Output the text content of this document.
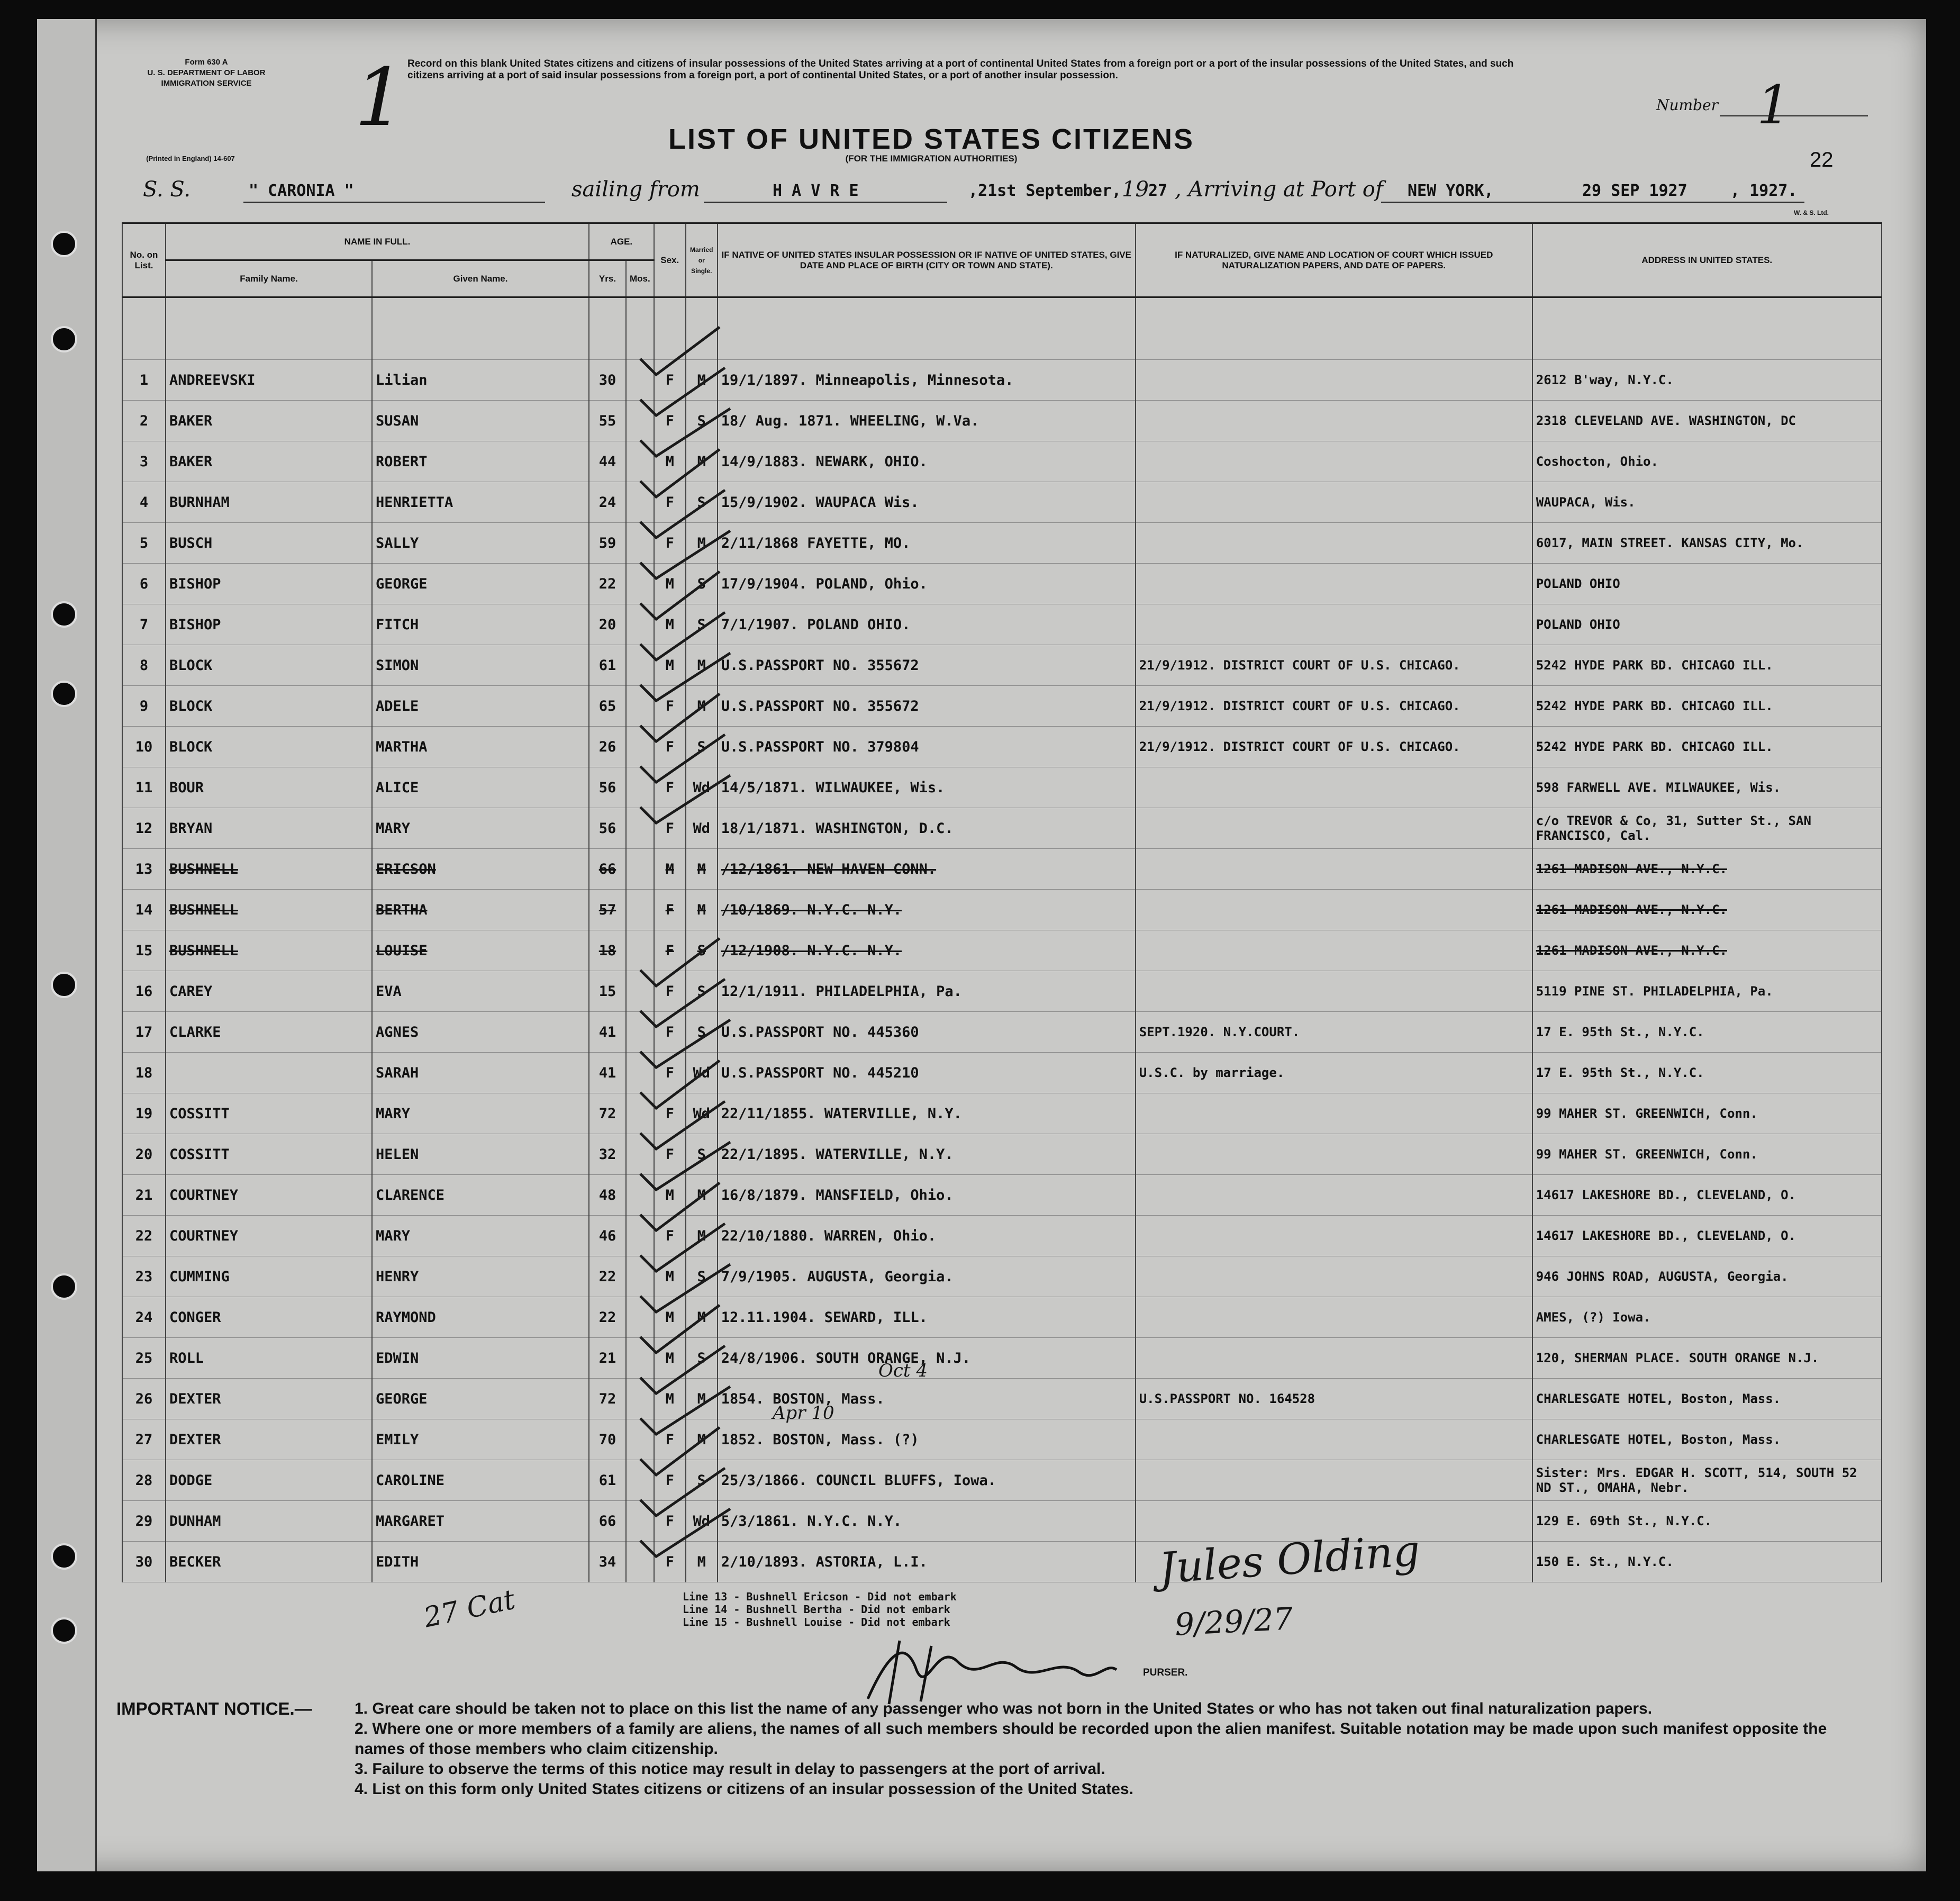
Form 630 A
U. S. DEPARTMENT OF LABOR
IMMIGRATION SERVICE
(Printed in England) 14-607
1 Record on this blank United States citizens and citizens of insular possessions of the United States arriving at a port of continental United States from a foreign port or a port of the insular possessions of the United States, and such citizens arriving at a port of said insular possessions from a foreign port, a port of continental United States, or a port of another insular possession.
Number 1
22
LIST OF UNITED STATES CITIZENS
(FOR THE IMMIGRATION AUTHORITIES)
S. S.	" CARONIA "	sailing from	H A V R E	,21st September, 19 27 , Arriving at Port of NEW YORK,	29 SEP 1927	, 1927.
W. & S. Ltd.
No. on List.	NAME IN FULL.		AGE.		Sex.	Married or Single.	IF NATIVE OF UNITED STATES INSULAR POSSESSION OR IF NATIVE OF UNITED STATES, GIVE DATE AND PLACE OF BIRTH (CITY OR TOWN AND STATE).	IF NATURALIZED, GIVE NAME AND LOCATION OF COURT WHICH ISSUED NATURALIZATION PAPERS, AND DATE OF PAPERS.	ADDRESS IN UNITED STATES.
	Family Name.	Given Name.	Yrs.	Mos.					

1	ANDREEVSKI	Lilian	30		F	M	19/1/1897. Minneapolis, Minnesota.		2612 B'way, N.Y.C.
2	BAKER	SUSAN	55		F	S	18/ Aug. 1871. WHEELING, W.Va.		2318 CLEVELAND AVE. WASHINGTON, DC
3	BAKER	ROBERT	44		M	M	14/9/1883. NEWARK, OHIO.		Coshocton, Ohio.
4	BURNHAM	HENRIETTA	24		F	S	15/9/1902. WAUPACA Wis.		WAUPACA, Wis.
5	BUSCH	SALLY	59		F	M	2/11/1868 FAYETTE, MO.		6017, MAIN STREET. KANSAS CITY, Mo.
6	BISHOP	GEORGE	22		M	S	17/9/1904. POLAND, Ohio.		POLAND OHIO
7	BISHOP	FITCH	20		M	S	7/1/1907. POLAND OHIO.		POLAND OHIO
8	BLOCK	SIMON	61		M	M	U.S.PASSPORT NO. 355672	21/9/1912. DISTRICT COURT OF U.S. CHICAGO.	5242 HYDE PARK BD. CHICAGO ILL.
9	BLOCK	ADELE	65		F	M	U.S.PASSPORT NO. 355672	21/9/1912. DISTRICT COURT OF U.S. CHICAGO.	5242 HYDE PARK BD. CHICAGO ILL.
10	BLOCK	MARTHA	26		F	S	U.S.PASSPORT NO. 379804	21/9/1912. DISTRICT COURT OF U.S. CHICAGO.	5242 HYDE PARK BD. CHICAGO ILL.
11	BOUR	ALICE	56		F	Wd	14/5/1871. WILWAUKEE, Wis.		598 FARWELL AVE. MILWAUKEE, Wis.
12	BRYAN	MARY	56		F	Wd	18/1/1871. WASHINGTON, D.C.		c/o TREVOR & Co, 31, Sutter St., SAN FRANCISCO, Cal.
13	BUSHNELL	ERICSON	66		M	M	/12/1861. NEW HAVEN CONN.		1261 MADISON AVE., N.Y.C.
14	BUSHNELL	BERTHA	57		F	M	/10/1869. N.Y.C. N.Y.		1261 MADISON AVE., N.Y.C.
15	BUSHNELL	LOUISE	18		F	S	/12/1908. N.Y.C. N.Y.		1261 MADISON AVE., N.Y.C.
16	CAREY	EVA	15		F	S	12/1/1911. PHILADELPHIA, Pa.		5119 PINE ST. PHILADELPHIA, Pa.
17	CLARKE	AGNES	41		F	S	U.S.PASSPORT NO. 445360	SEPT.1920. N.Y.COURT.	17 E. 95th St., N.Y.C.
18		SARAH	41		F	Wd	U.S.PASSPORT NO. 445210	U.S.C. by marriage.	17 E. 95th St., N.Y.C.
19	COSSITT	MARY	72		F	Wd	22/11/1855. WATERVILLE, N.Y.		99 MAHER ST. GREENWICH, Conn.
20	COSSITT	HELEN	32		F	S	22/1/1895. WATERVILLE, N.Y.		99 MAHER ST. GREENWICH, Conn.
21	COURTNEY	CLARENCE	48		M	M	16/8/1879. MANSFIELD, Ohio.		14617 LAKESHORE BD., CLEVELAND, O.
22	COURTNEY	MARY	46		F	M	22/10/1880. WARREN, Ohio.		14617 LAKESHORE BD., CLEVELAND, O.
23	CUMMING	HENRY	22		M	S	7/9/1905. AUGUSTA, Georgia.		946 JOHNS ROAD, AUGUSTA, Georgia.
24	CONGER	RAYMOND	22		M	M	12.11.1904. SEWARD, ILL.		AMES, (?) Iowa.
25	ROLL	EDWIN	21		M	S	24/8/1906. SOUTH ORANGE, N.J.		120, SHERMAN PLACE. SOUTH ORANGE N.J.
26	DEXTER	GEORGE	72		M	M	1854. BOSTON, Mass.	U.S.PASSPORT NO. 164528	CHARLESGATE HOTEL, Boston, Mass.
27	DEXTER	EMILY	70		F	M	1852. BOSTON, Mass. (?)		CHARLESGATE HOTEL, Boston, Mass.
28	DODGE	CAROLINE	61		F	S	25/3/1866. COUNCIL BLUFFS, Iowa.		Sister: Mrs. EDGAR H. SCOTT, 514, SOUTH 52 ND ST., OMAHA, Nebr.
29	DUNHAM	MARGARET	66		F	Wd	5/3/1861. N.Y.C. N.Y.		129 E. 69th St., N.Y.C.
30	BECKER	EDITH	34		F	M	2/10/1893. ASTORIA, L.I.		150 E. St., N.Y.C.
Oct 4
Apr 10
27 Cat
Jules Olding
9/29/27
Line 13 - Bushnell Ericson - Did not embark
Line 14 - Bushnell Bertha - Did not embark
Line 15 - Bushnell Louise - Did not embark
PURSER.
IMPORTANT NOTICE.—	1. Great care should be taken not to place on this list the name of any passenger who was not born in the United States or who has not taken out final naturalization papers.
2. Where one or more members of a family are aliens, the names of all such members should be recorded upon the alien manifest. Suitable notation may be made upon such manifest opposite the names of those members who claim citizenship.
3. Failure to observe the terms of this notice may result in delay to passengers at the port of arrival.
4. List on this form only United States citizens or citizens of an insular possession of the United States.
